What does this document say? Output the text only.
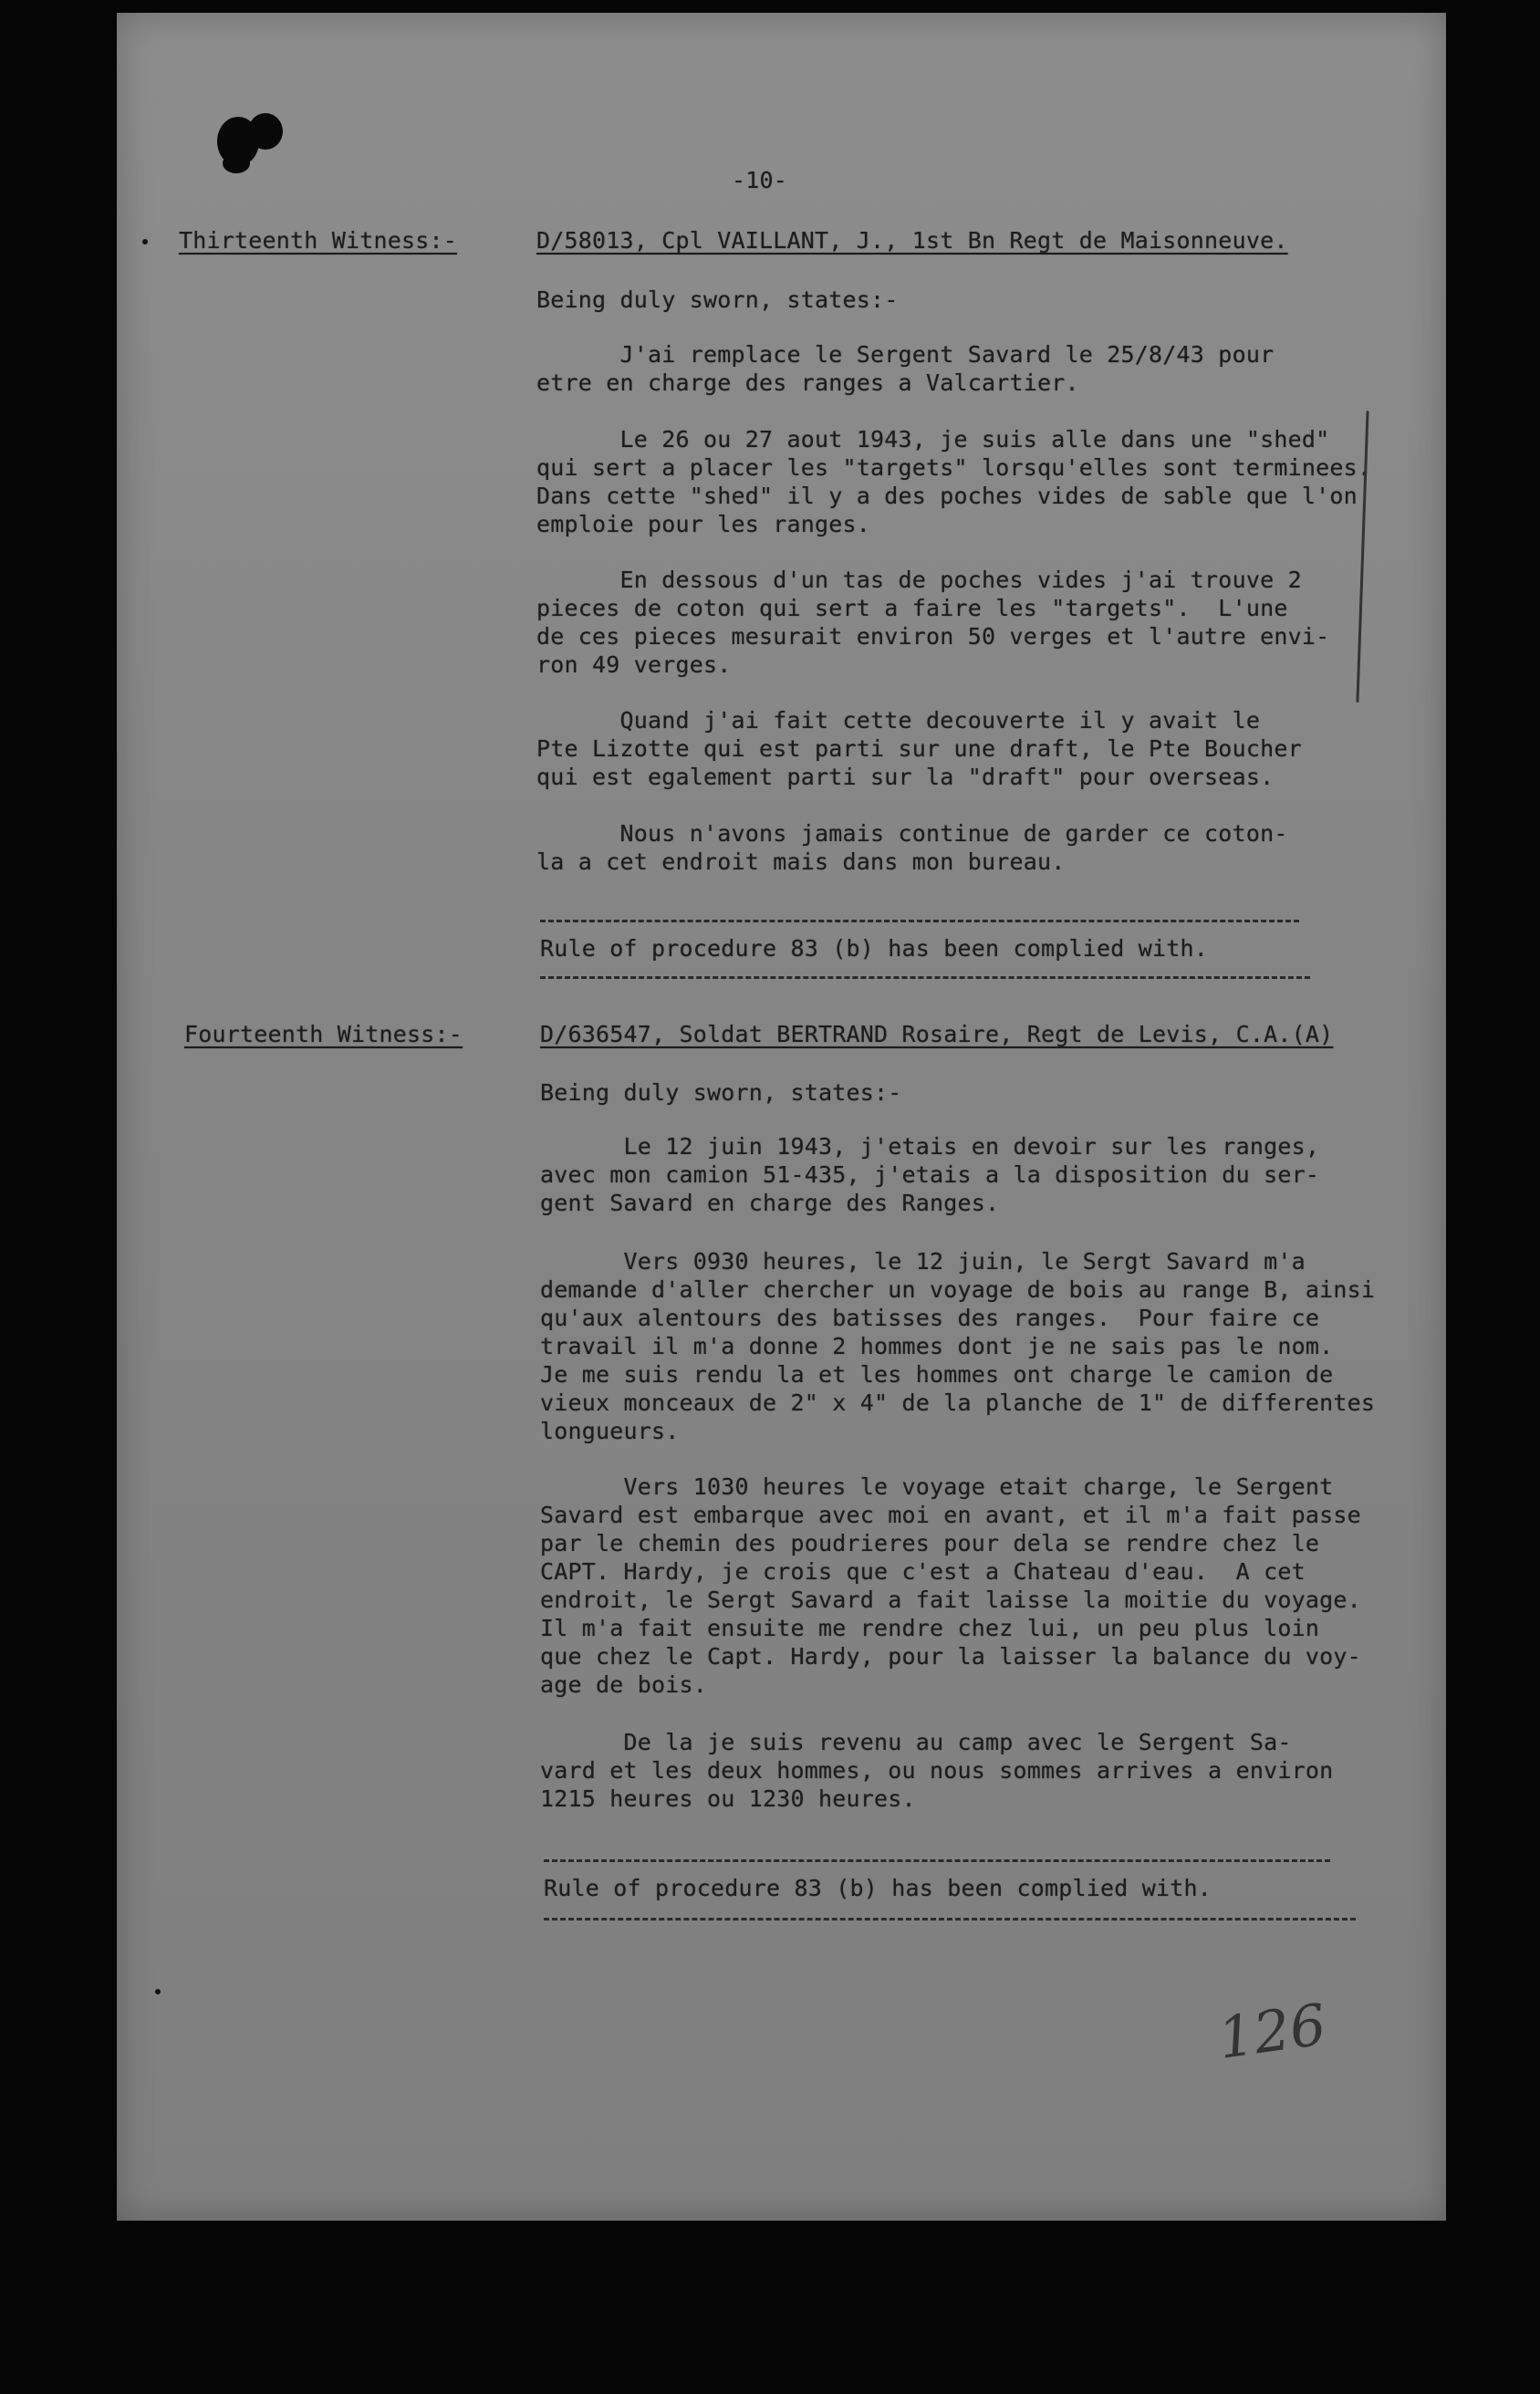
-10-
Thirteenth Witness:-	D/58013, Cpl VAILLANT, J., 1st Bn Regt de Maisonneuve.
Being duly sworn, states:-
J'ai remplace le Sergent Savard le 25/8/43 pour
etre en charge des ranges a Valcartier.
Le 26 ou 27 aout 1943, je suis alle dans une "shed"
qui sert a placer les "targets" lorsqu'elles sont terminees.
Dans cette "shed" il y a des poches vides de sable que l'on
emploie pour les ranges.
En dessous d'un tas de poches vides j'ai trouve 2
pieces de coton qui sert a faire les "targets".  L'une
de ces pieces mesurait environ 50 verges et l'autre envi-
ron 49 verges.
Quand j'ai fait cette decouverte il y avait le
Pte Lizotte qui est parti sur une draft, le Pte Boucher
qui est egalement parti sur la "draft" pour overseas.
Nous n'avons jamais continue de garder ce coton-
la a cet endroit mais dans mon bureau.
Rule of procedure 83 (b) has been complied with.
Fourteenth Witness:-	D/636547, Soldat BERTRAND Rosaire, Regt de Levis, C.A.(A)
Being duly sworn, states:-
Le 12 juin 1943, j'etais en devoir sur les ranges,
avec mon camion 51-435, j'etais a la disposition du ser-
gent Savard en charge des Ranges.
Vers 0930 heures, le 12 juin, le Sergt Savard m'a
demande d'aller chercher un voyage de bois au range B, ainsi
qu'aux alentours des batisses des ranges.  Pour faire ce
travail il m'a donne 2 hommes dont je ne sais pas le nom.
Je me suis rendu la et les hommes ont charge le camion de
vieux monceaux de 2" x 4" de la planche de 1" de differentes
longueurs.
Vers 1030 heures le voyage etait charge, le Sergent
Savard est embarque avec moi en avant, et il m'a fait passe
par le chemin des poudrieres pour dela se rendre chez le
CAPT. Hardy, je crois que c'est a Chateau d'eau.  A cet
endroit, le Sergt Savard a fait laisse la moitie du voyage.
Il m'a fait ensuite me rendre chez lui, un peu plus loin
que chez le Capt. Hardy, pour la laisser la balance du voy-
age de bois.
De la je suis revenu au camp avec le Sergent Sa-
vard et les deux hommes, ou nous sommes arrives a environ
1215 heures ou 1230 heures.
Rule of procedure 83 (b) has been complied with.
126
